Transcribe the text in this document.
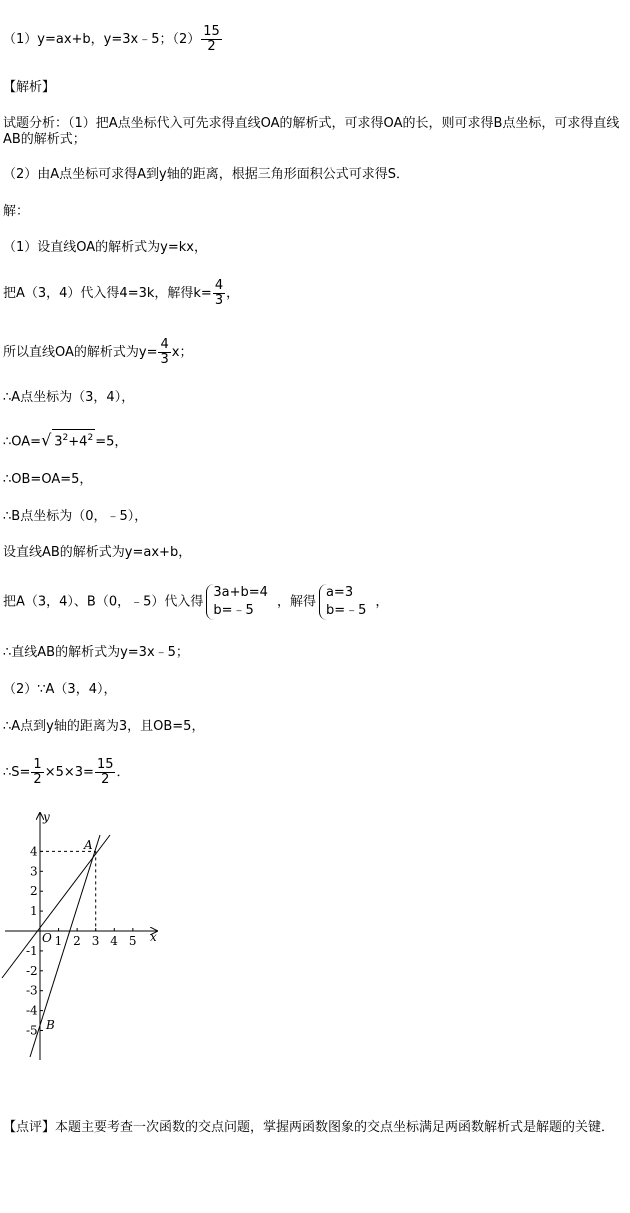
（1）y=ax+b，y=3x﹣5；$(2) \frac{15}{2}$
【解析】
试题分析：（1）把A点坐标代入可先求得直线OA的解析式，可求得OA的长，则可求得B点坐标，可求得直线AB的解析式；
（2）由A点坐标可求得A到y轴的距离，根据三角形面积公式可求得S．
解：
（1）设直线OA的解析式为y=kx，
把A（3，4）代入得4=3k，解得$k= \frac{4}{3}$ ，
所以直线OA的解析式为$y= \frac{4}{3}$ x；
∴A点坐标为（3，4），
∴OA=√ $3^2+4^2 =5$，
∴OB=OA=5，
∴B点坐标为（0，﹣5），
设直线AB的解析式为y=ax+b，
把A（3，4）、B（0，﹣5）代入得
3a+b=4
b=﹣5
，解得
a=3
b=﹣5
，
∴直线AB的解析式为y=3x﹣5；
（2）∵A（3，4），
∴A点到y轴的距离为3，且OB=5，
∴S= $\frac{1}{2} \times 5\times 3= \frac{15}{2}$ ．
1 2 3 4 5
4
3
2
1
-1
-2
-3
-4
-5
y
x
O
A
B
【点评】本题主要考查一次函数的交点问题，掌握两函数图象的交点坐标满足两函数解析式是解题的关键．
